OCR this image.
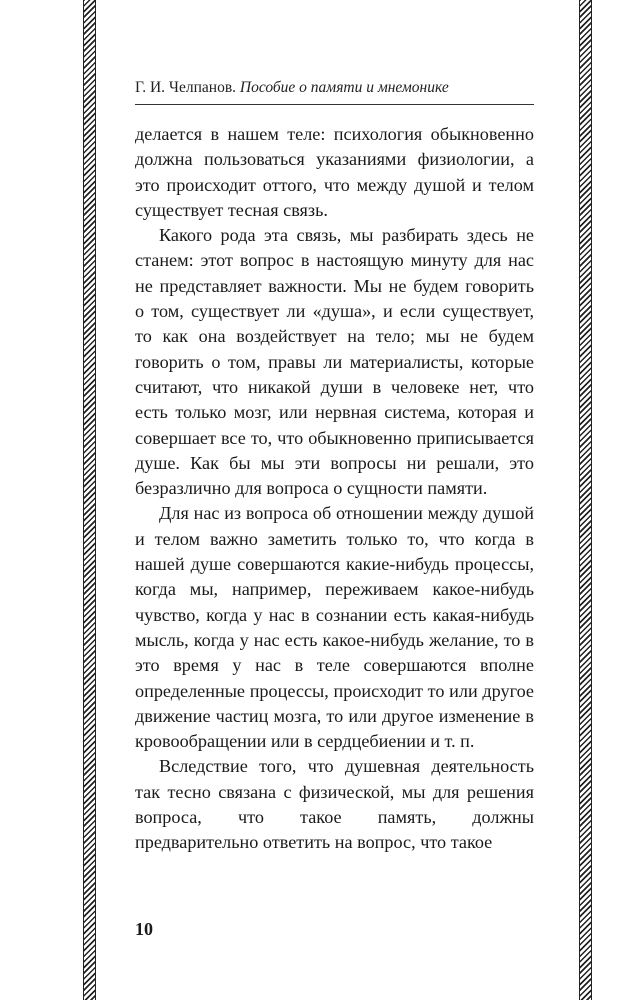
Г. И. Челпанов. Пособие о памяти и мнемонике

делается в нашем теле: психология обыкновенно должна пользоваться указаниями физиологии, а это происходит оттого, что между душой и телом существует тесная связь.

Какого рода эта связь, мы разбирать здесь не станем: этот вопрос в настоящую минуту для нас не представляет важности. Мы не будем говорить о том, существует ли «душа», и если существует, то как она воздействует на тело; мы не будем говорить о том, правы ли материалисты, которые считают, что никакой души в человеке нет, что есть только мозг, или нервная система, которая и совершает все то, что обыкновенно приписывается душе. Как бы мы эти вопросы ни решали, это безразлично для вопроса о сущности памяти.

Для нас из вопроса об отношении между душой и телом важно заметить только то, что когда в нашей душе совершаются какие-нибудь процессы, когда мы, например, переживаем какое-нибудь чувство, когда у нас в сознании есть какая-нибудь мысль, когда у нас есть какое-нибудь желание, то в это время у нас в теле совершаются вполне определенные процессы, происходит то или другое движение частиц мозга, то или другое изменение в кровообращении или в сердцебиении и т. п.

Вследствие того, что душевная деятельность так тесно связана с физической, мы для решения вопроса, что такое память, должны предварительно ответить на вопрос, что такое

10
